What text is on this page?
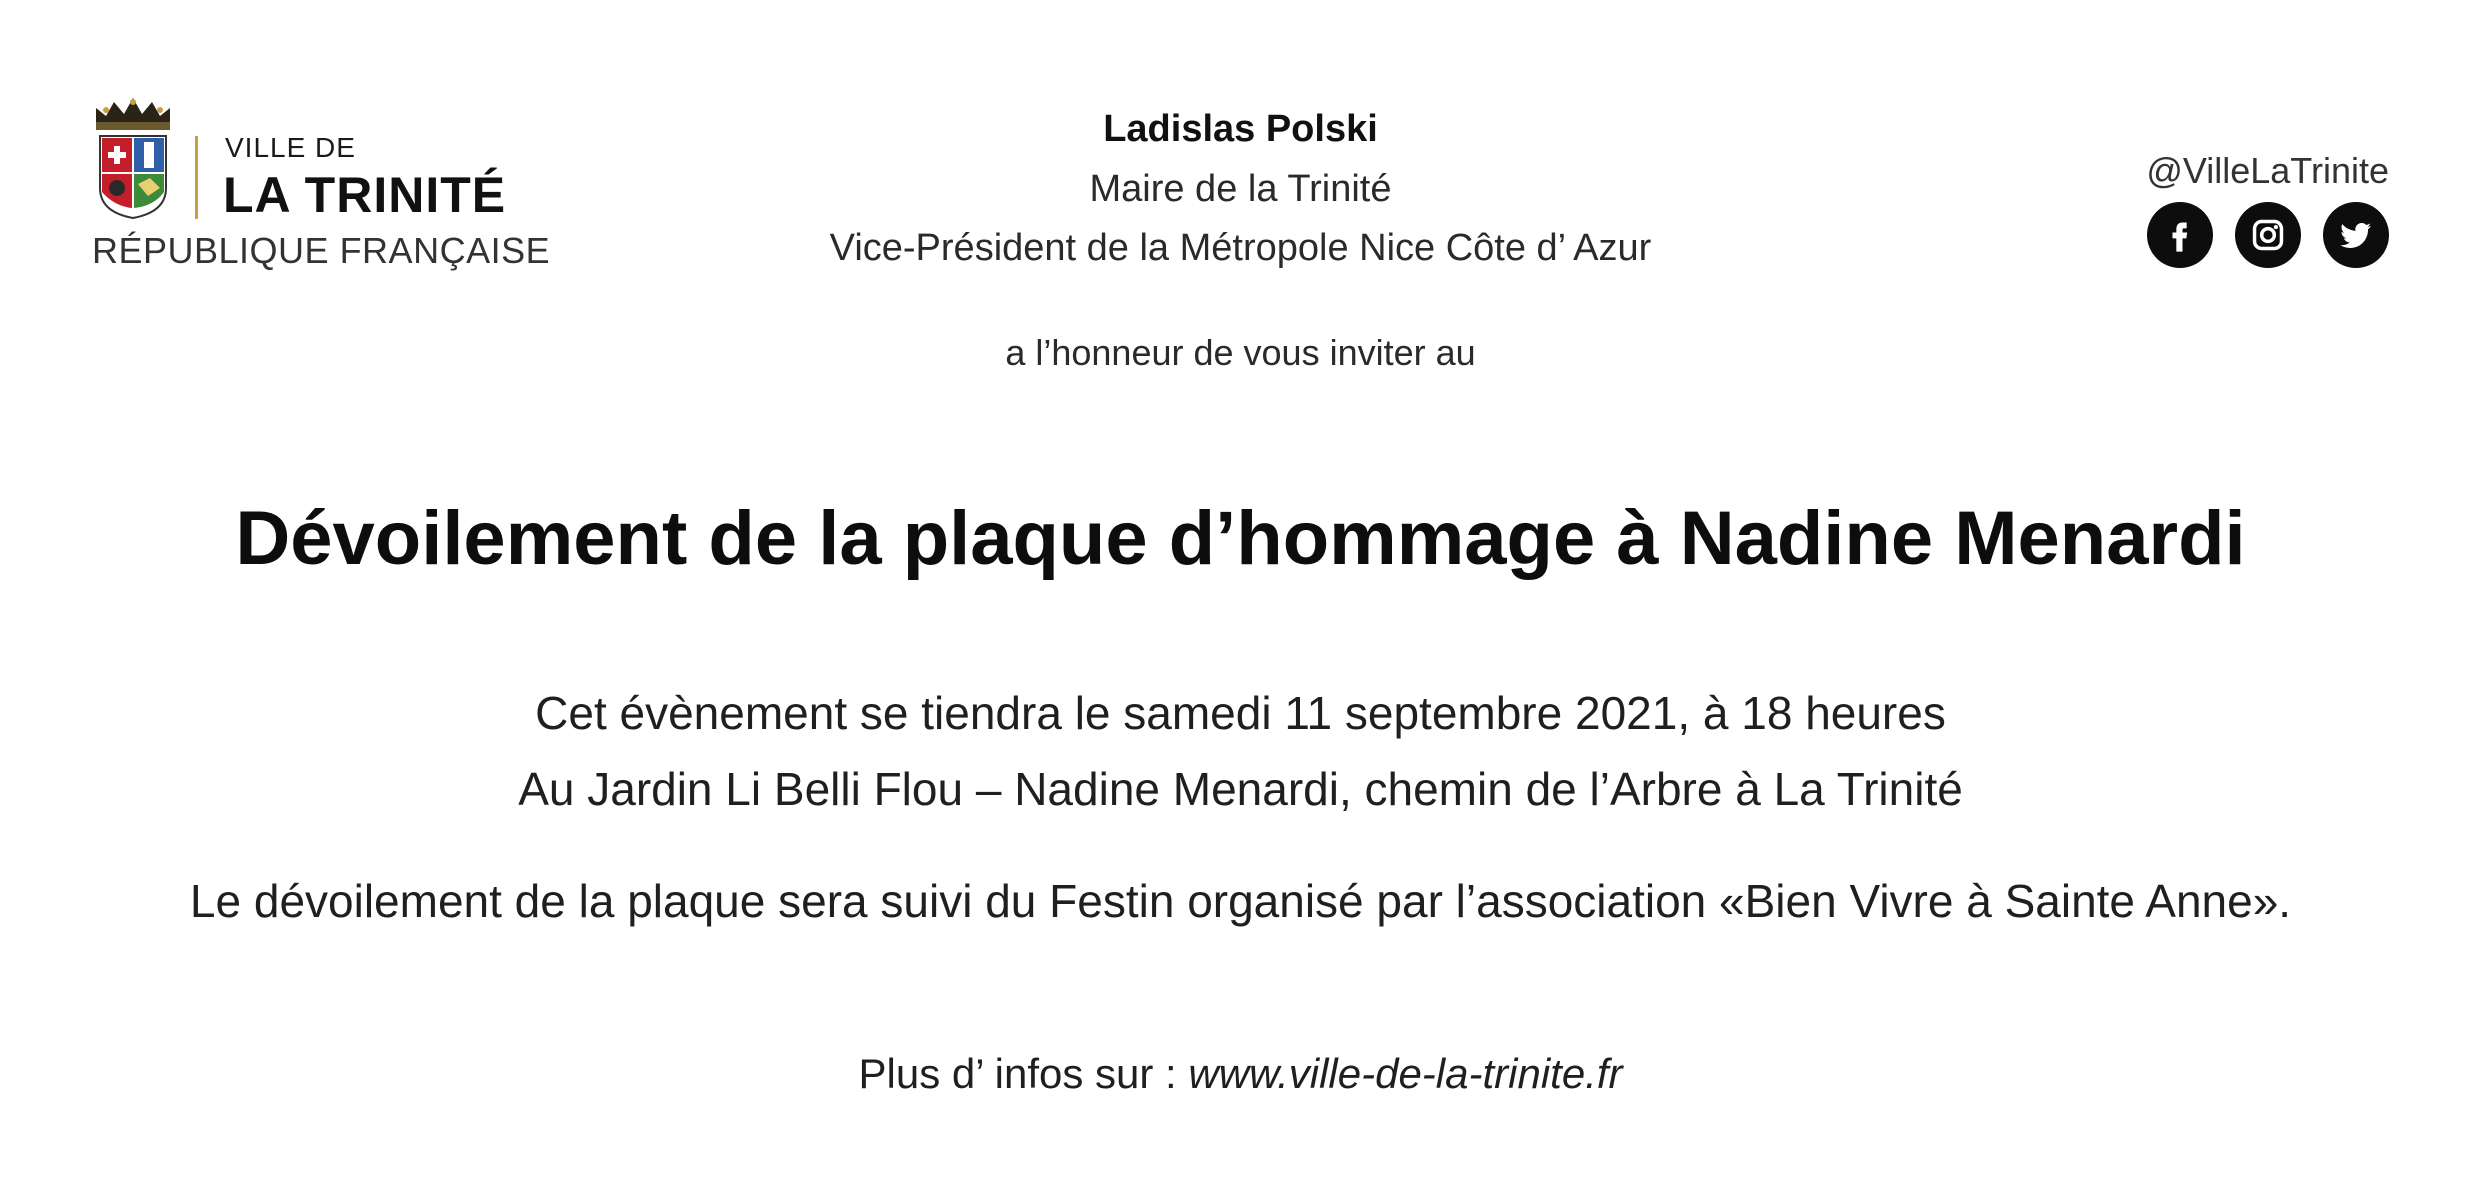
VILLE DE
LA TRINITÉ
RÉPUBLIQUE FRANÇAISE
Ladislas Polski
Maire de la Trinité
Vice-Président de la Métropole Nice Côte d’ Azur
a l’honneur de vous inviter au
@VilleLaTrinite
Dévoilement de la plaque d’hommage à Nadine Menardi
Cet évènement se tiendra le samedi 11 septembre 2021, à 18 heures
Au Jardin Li Belli Flou – Nadine Menardi, chemin de l’Arbre à La Trinité
Le dévoilement de la plaque sera suivi du Festin organisé par l’association «Bien Vivre à Sainte Anne».
Plus d’ infos sur : www.ville-de-la-trinite.fr
